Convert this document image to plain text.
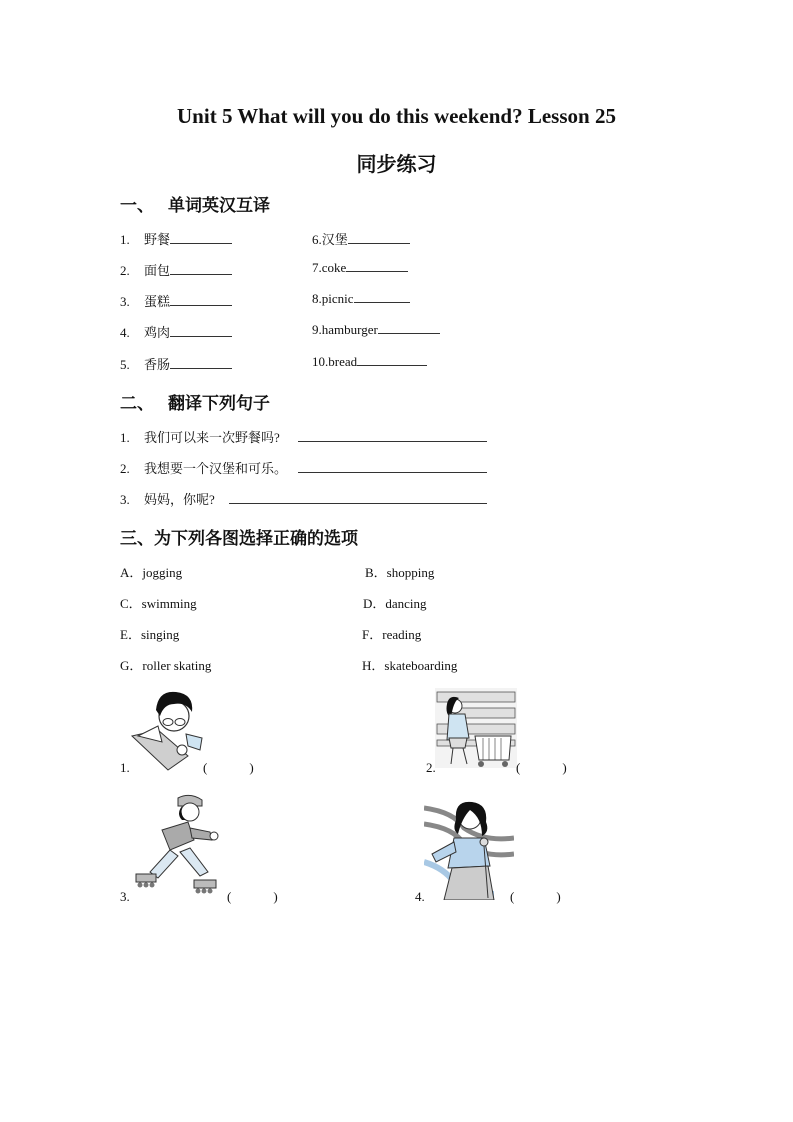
Unit 5 What will you do this weekend? Lesson 25
同步练习
一、 单词英汉互译
1. 野餐
2. 面包
3. 蛋糕
4. 鸡肉
5. 香肠
6.汉堡
7.coke
8.picnic
9.hamburger
10.bread
二、 翻译下列句子
1. 我们可以来一次野餐吗?
2. 我想要一个汉堡和可乐。
3. 妈妈，你呢?
三、为下列各图选择正确的选项
A．jogging	B．shopping
C．swimming	D．dancing
E．singing	F．reading
G．roller skating	H．skateboarding
1.	(	)	2.	(	)
3.	(	)	4.	(	)
